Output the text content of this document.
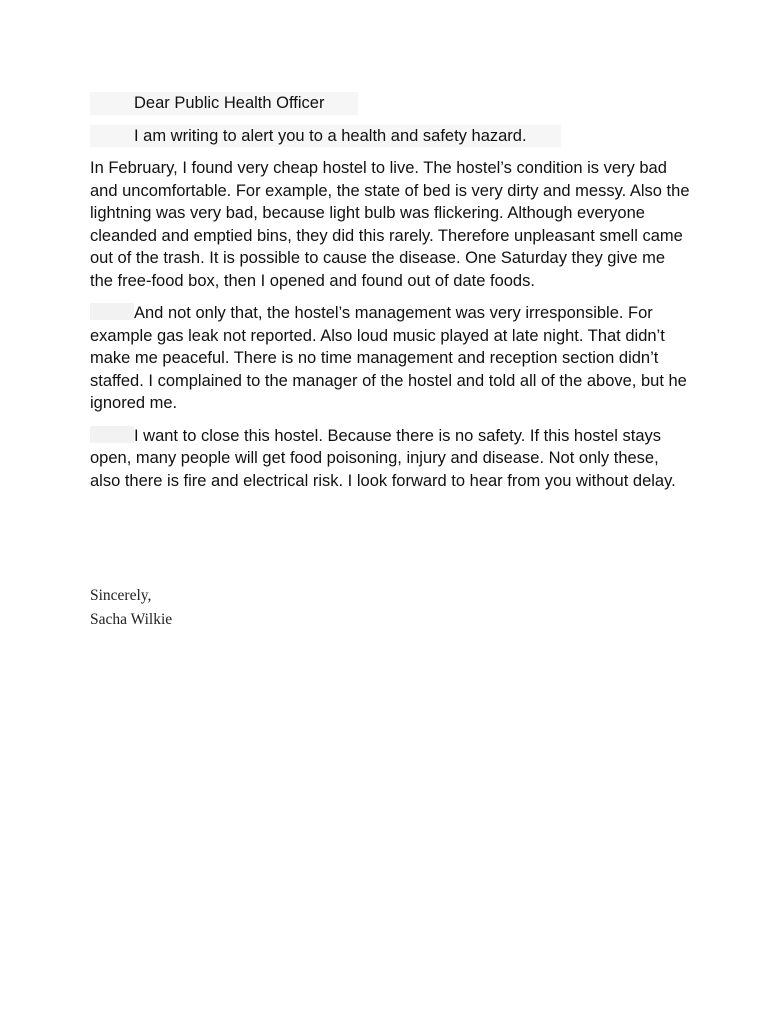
Dear Public Health Officer

I am writing to alert you to a health and safety hazard.

In February, I found very cheap hostel to live. The hostel’s condition is very bad and uncomfortable. For example, the state of bed is very dirty and messy. Also the lightning was very bad, because light bulb was flickering. Although everyone cleanded and emptied bins, they did this rarely. Therefore unpleasant smell came out of the trash. It is possible to cause the disease. One Saturday they give me the free-food box, then I opened and found out of date foods.

And not only that, the hostel’s management was very irresponsible. For example gas leak not reported. Also loud music played at late night. That didn’t make me peaceful. There is no time management and reception section didn’t staffed. I complained to the manager of the hostel and told all of the above, but he ignored me.

I want to close this hostel. Because there is no safety. If this hostel stays open, many people will get food poisoning, injury and disease. Not only these, also there is fire and electrical risk. I look forward to hear from you without delay.

Sincerely,
Sacha Wilkie
